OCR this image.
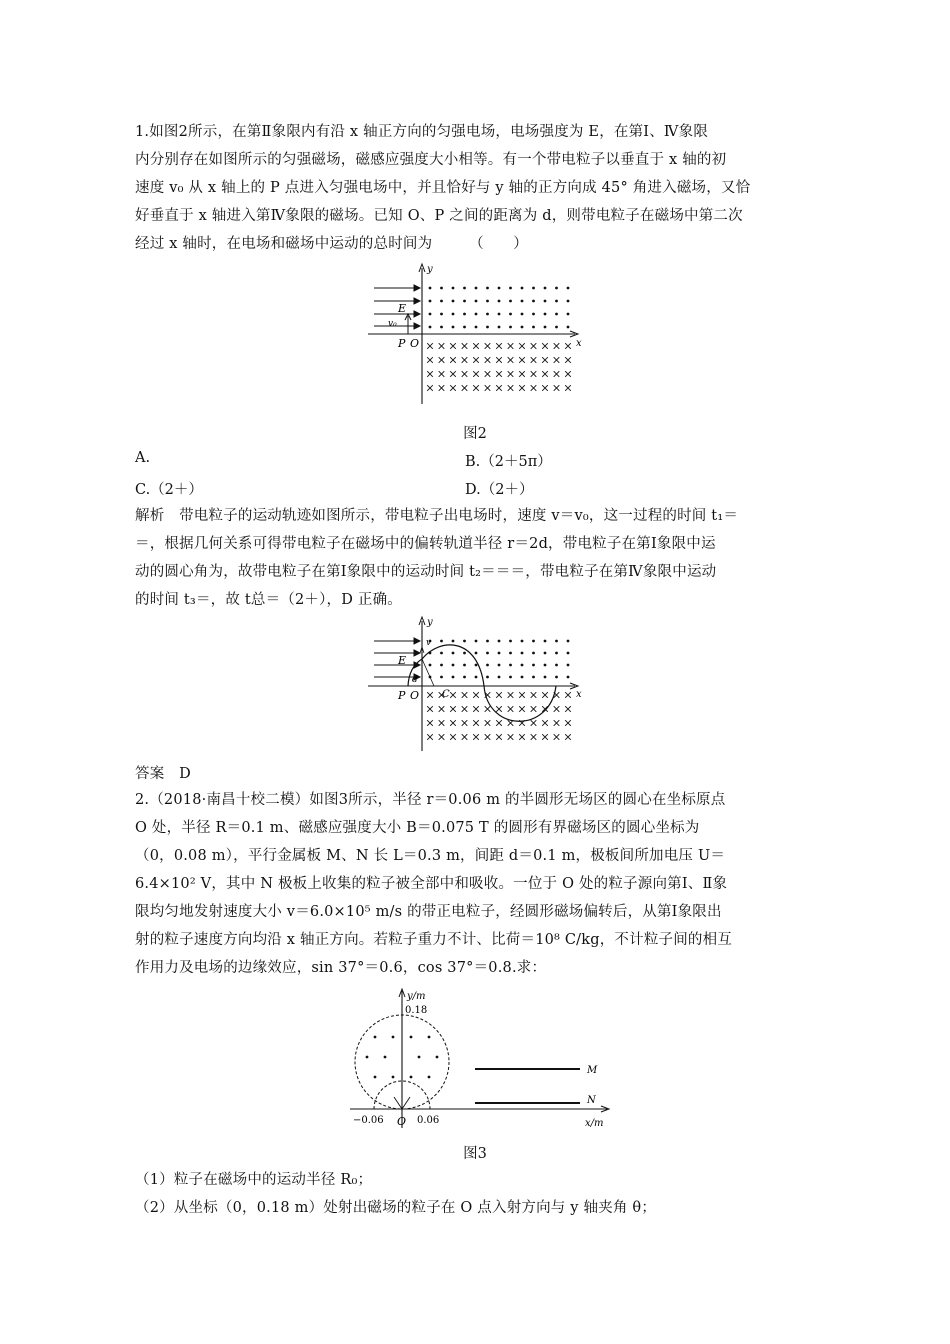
1.如图2所示，在第Ⅱ象限内有沿 x 轴正方向的匀强电场，电场强度为 E，在第Ⅰ、Ⅳ象限
内分别存在如图所示的匀强磁场，磁感应强度大小相等。有一个带电粒子以垂直于 x 轴的初
速度 v₀ 从 x 轴上的 P 点进入匀强电场中，并且恰好与 y 轴的正方向成 45° 角进入磁场，又恰
好垂直于 x 轴进入第Ⅳ象限的磁场。已知 O、P 之间的距离为 d，则带电粒子在磁场中第二次
经过 x 轴时，在电场和磁场中运动的总时间为　　　（　　）
y
x
E
v₀
P O
图2
A.	B.（2＋5π）
C.（2＋）	D.（2＋）
解析　带电粒子的运动轨迹如图所示，带电粒子出电场时，速度 v＝v₀，这一过程的时间 t₁＝
＝，根据几何关系可得带电粒子在磁场中的偏转轨道半径 r＝2d，带电粒子在第Ⅰ象限中运
动的圆心角为，故带电粒子在第Ⅰ象限中的运动时间 t₂＝＝＝，带电粒子在第Ⅳ象限中运动
的时间 t₃＝，故 t总＝（2＋），D 正确。
y
x
E
v
d
P O C
答案　D
2.（2018·南昌十校二模）如图3所示，半径 r＝0.06 m 的半圆形无场区的圆心在坐标原点
O 处，半径 R＝0.1 m、磁感应强度大小 B＝0.075 T 的圆形有界磁场区的圆心坐标为
（0，0.08 m），平行金属板 M、N 长 L＝0.3 m，间距 d＝0.1 m，极板间所加电压 U＝
6.4×10² V，其中 N 极板上收集的粒子被全部中和吸收。一位于 O 处的粒子源向第Ⅰ、Ⅱ象
限均匀地发射速度大小 v＝6.0×10⁵ m/s 的带正电粒子，经圆形磁场偏转后，从第Ⅰ象限出
射的粒子速度方向均沿 x 轴正方向。若粒子重力不计、比荷＝10⁸ C/kg，不计粒子间的相互
作用力及电场的边缘效应，sin 37°＝0.6，cos 37°＝0.8.求：
y/m
x/m
0.18
−0.06 O 0.06
M
N
图3
（1）粒子在磁场中的运动半径 R₀；
（2）从坐标（0，0.18 m）处射出磁场的粒子在 O 点入射方向与 y 轴夹角 θ；
